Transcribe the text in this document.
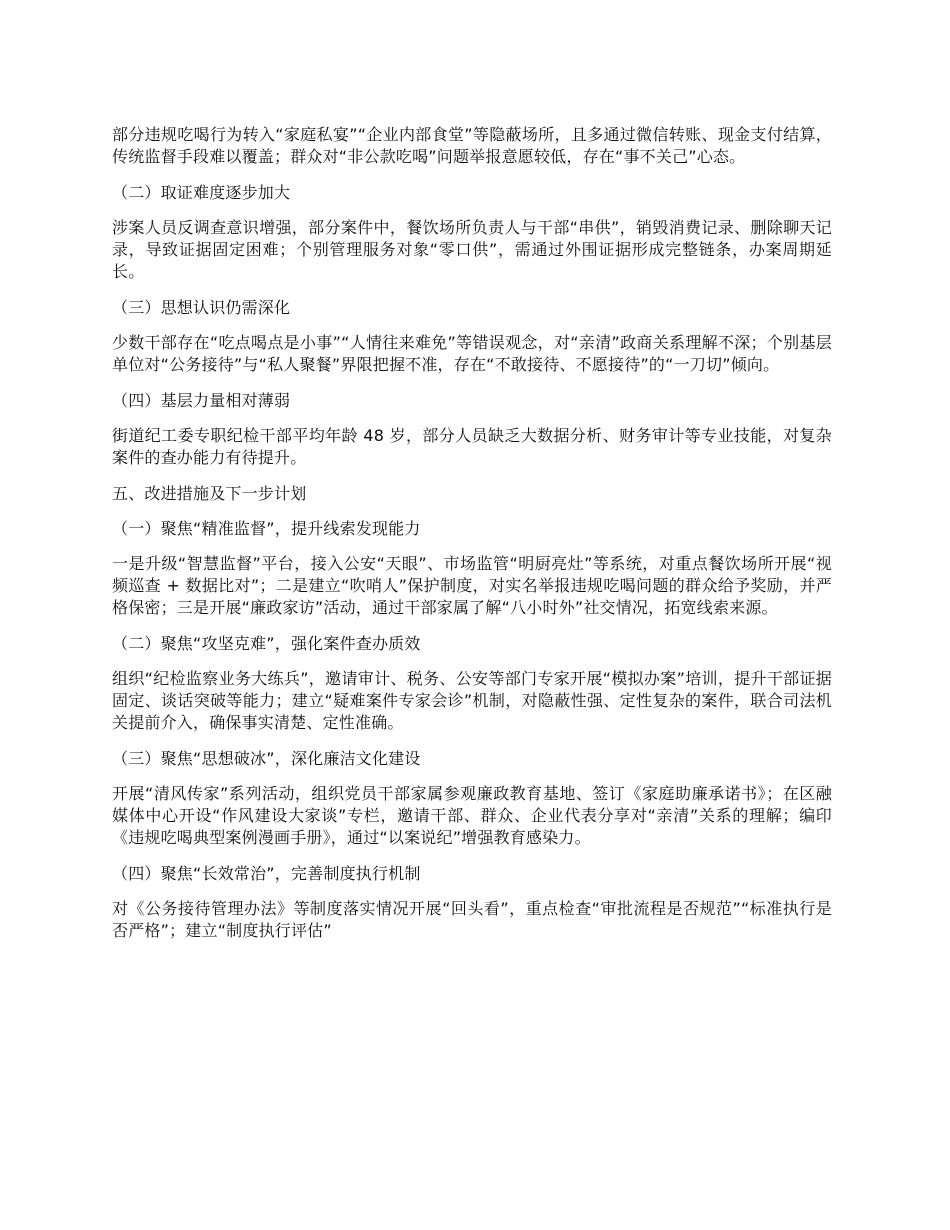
部分违规吃喝行为转入“家庭私宴”“企业内部食堂”等隐蔽场所，且多通过微信转账、现金支付结算，传统监督手段难以覆盖；群众对“非公款吃喝”问题举报意愿较低，存在“事不关己”心态。

（二）取证难度逐步加大

涉案人员反调查意识增强，部分案件中，餐饮场所负责人与干部“串供”，销毁消费记录、删除聊天记录，导致证据固定困难；个别管理服务对象“零口供”，需通过外围证据形成完整链条，办案周期延长。

（三）思想认识仍需深化

少数干部存在“吃点喝点是小事”“人情往来难免”等错误观念，对“亲清”政商关系理解不深；个别基层单位对“公务接待”与“私人聚餐”界限把握不准，存在“不敢接待、不愿接待”的“一刀切”倾向。

（四）基层力量相对薄弱

街道纪工委专职纪检干部平均年龄 48 岁，部分人员缺乏大数据分析、财务审计等专业技能，对复杂案件的查办能力有待提升。

五、改进措施及下一步计划

（一）聚焦“精准监督”，提升线索发现能力

一是升级“智慧监督”平台，接入公安“天眼”、市场监管“明厨亮灶”等系统，对重点餐饮场所开展“视频巡查 + 数据比对”；二是建立“吹哨人”保护制度，对实名举报违规吃喝问题的群众给予奖励，并严格保密；三是开展“廉政家访”活动，通过干部家属了解“八小时外”社交情况，拓宽线索来源。

（二）聚焦“攻坚克难”，强化案件查办质效

组织“纪检监察业务大练兵”，邀请审计、税务、公安等部门专家开展“模拟办案”培训，提升干部证据固定、谈话突破等能力；建立“疑难案件专家会诊”机制，对隐蔽性强、定性复杂的案件，联合司法机关提前介入，确保事实清楚、定性准确。

（三）聚焦“思想破冰”，深化廉洁文化建设

开展“清风传家”系列活动，组织党员干部家属参观廉政教育基地、签订《家庭助廉承诺书》；在区融媒体中心开设“作风建设大家谈”专栏，邀请干部、群众、企业代表分享对“亲清”关系的理解；编印《违规吃喝典型案例漫画手册》，通过“以案说纪”增强教育感染力。

（四）聚焦“长效常治”，完善制度执行机制

对《公务接待管理办法》等制度落实情况开展“回头看”，重点检查“审批流程是否规范”“标准执行是否严格”；建立“制度执行评估”
